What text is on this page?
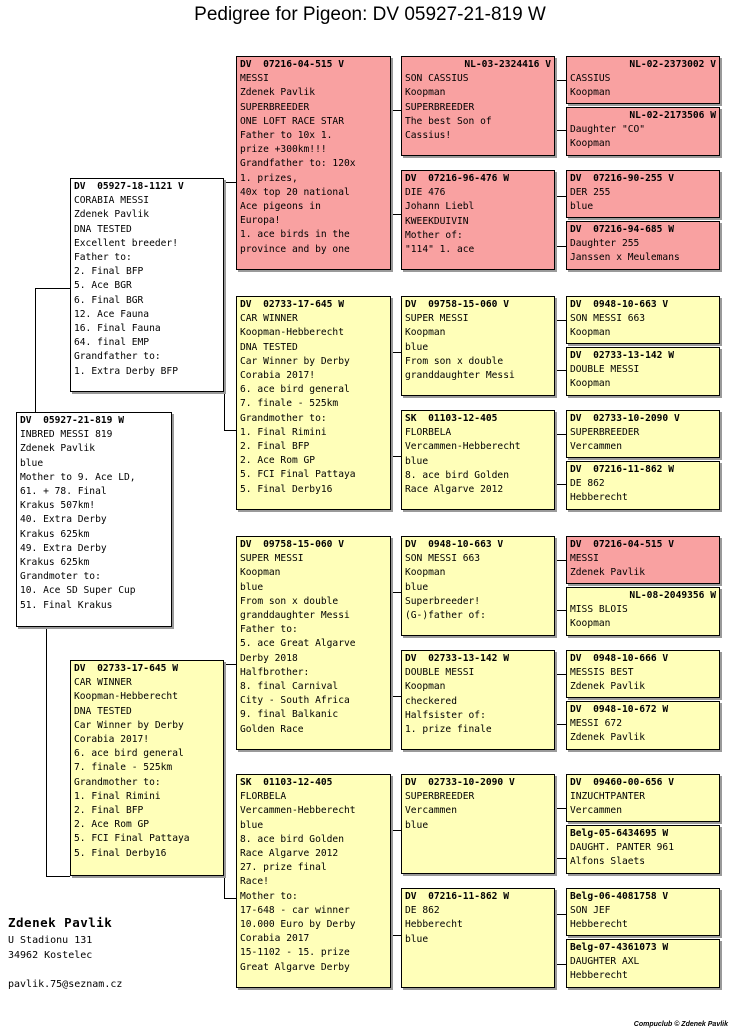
Pedigree for Pigeon: DV 05927-21-819 W
DV  05927-21-819 W
INBRED MESSI 819
Zdenek Pavlik
blue
Mother to 9. Ace LD,
61. + 78. Final
Krakus 507km!
40. Extra Derby
Krakus 625km
49. Extra Derby
Krakus 625km
Grandmoter to:
10. Ace SD Super Cup
51. Final Krakus
DV  05927-18-1121 V
CORABIA MESSI
Zdenek Pavlik
DNA TESTED
Excellent breeder!
Father to:
2. Final BFP
5. Ace BGR
6. Final BGR
12. Ace Fauna
16. Final Fauna
64. final EMP
Grandfather to:
1. Extra Derby BFP
DV  02733-17-645 W
CAR WINNER
Koopman-Hebberecht
DNA TESTED
Car Winner by Derby
Corabia 2017!
6. ace bird general
7. finale - 525km
Grandmother to:
1. Final Rimini
2. Final BFP
2. Ace Rom GP
5. FCI Final Pattaya
5. Final Derby16
DV  07216-04-515 V
MESSI
Zdenek Pavlik
SUPERBREEDER
ONE LOFT RACE STAR
Father to 10x 1.
prize +300km!!!
Grandfather to: 120x
1. prizes,
40x top 20 national
Ace pigeons in
Europa!
1. ace birds in the
province and by one
DV  02733-17-645 W
CAR WINNER
Koopman-Hebberecht
DNA TESTED
Car Winner by Derby
Corabia 2017!
6. ace bird general
7. finale - 525km
Grandmother to:
1. Final Rimini
2. Final BFP
2. Ace Rom GP
5. FCI Final Pattaya
5. Final Derby16
DV  09758-15-060 V
SUPER MESSI
Koopman
blue
From son x double
granddaughter Messi
Father to:
5. ace Great Algarve
Derby 2018
Halfbrother:
8. final Carnival
City - South Africa
9. final Balkanic
Golden Race
SK  01103-12-405
FLORBELA
Vercammen-Hebberecht
blue
8. ace bird Golden
Race Algarve 2012
27. prize final
Race!
Mother to:
17-648 - car winner
10.000 Euro by Derby
Corabia 2017
15-1102 - 15. prize
Great Algarve Derby
NL-03-2324416 V
SON CASSIUS
Koopman
SUPERBREEDER
The best Son of
Cassius!
DV  07216-96-476 W
DIE 476
Johann Liebl
KWEEKDUIVIN
Mother of:
"114" 1. ace
DV  09758-15-060 V
SUPER MESSI
Koopman
blue
From son x double
granddaughter Messi
SK  01103-12-405
FLORBELA
Vercammen-Hebberecht
blue
8. ace bird Golden
Race Algarve 2012
DV  0948-10-663 V
SON MESSI 663
Koopman
blue
Superbreeder!
(G-)father of:
DV  02733-13-142 W
DOUBLE MESSI
Koopman
checkered
Halfsister of:
1. prize finale
DV  02733-10-2090 V
SUPERBREEDER
Vercammen
blue
DV  07216-11-862 W
DE 862
Hebberecht
blue
NL-02-2373002 V
CASSIUS
Koopman
NL-02-2173506 W
Daughter "CO"
Koopman
DV  07216-90-255 V
DER 255
blue
DV  07216-94-685 W
Daughter 255
Janssen x Meulemans
DV  0948-10-663 V
SON MESSI 663
Koopman
DV  02733-13-142 W
DOUBLE MESSI
Koopman
DV  02733-10-2090 V
SUPERBREEDER
Vercammen
DV  07216-11-862 W
DE 862
Hebberecht
DV  07216-04-515 V
MESSI
Zdenek Pavlik
NL-08-2049356 W
MISS BLOIS
Koopman
DV  0948-10-666 V
MESSIS BEST
Zdenek Pavlik
DV  0948-10-672 W
MESSI 672
Zdenek Pavlik
DV  09460-00-656 V
INZUCHTPANTER
Vercammen
Belg-05-6434695 W
DAUGHT. PANTER 961
Alfons Slaets
Belg-06-4081758 V
SON JEF
Hebberecht
Belg-07-4361073 W
DAUGHTER AXL
Hebberecht
Zdenek Pavlik
U Stadionu 131
34962 Kostelec
pavlik.75@seznam.cz
Compuclub © Zdenek Pavlik
